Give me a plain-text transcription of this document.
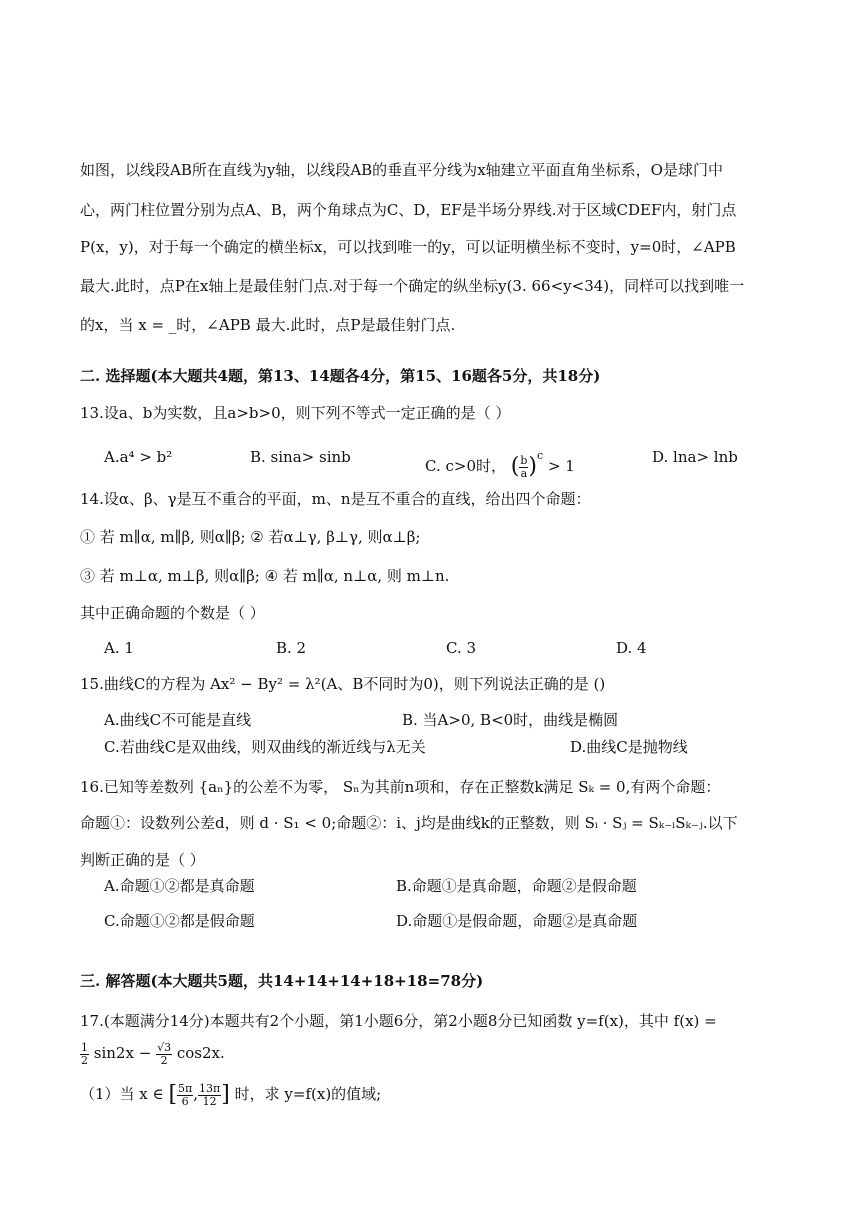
如图，以线段AB所在直线为y轴，以线段AB的垂直平分线为x轴建立平面直角坐标系，O是球门中
心，两门柱位置分别为点A、B，两个角球点为C、D，EF是半场分界线.对于区域CDEF内，射门点
P(x，y)，对于每一个确定的横坐标x，可以找到唯一的y，可以证明横坐标不变时，y=0时，∠APB
最大.此时，点P在x轴上是最佳射门点.对于每一个确定的纵坐标y(3. 66<y<34)，同样可以找到唯一
的x，当 x = _时，∠APB 最大.此时，点P是最佳射门点.
二. 选择题(本大题共4题，第13、14题各4分，第15、16题各5分，共18分)
13.设a、b为实数，且a>b>0，则下列不等式一定正确的是（ ）
A.a⁴ > b²	B. sina> sinb	C. c>0时， ( $\frac{b}{a} )^c > 1$	D. lna> lnb
14.设α、β、γ是互不重合的平面，m、n是互不重合的直线，给出四个命题：
① 若 m∥α, m∥β, 则α∥β; ② 若α⊥γ, β⊥γ, 则α⊥β;
③ 若 m⊥α, m⊥β, 则α∥β; ④ 若 m∥α, n⊥α, 则 m⊥n.
其中正确命题的个数是（ ）
A. 1	B. 2	C. 3	D. 4
15.曲线C的方程为 Ax² − By² = λ²(A、B不同时为0)，则下列说法正确的是 ()
A.曲线C不可能是直线	B. 当A>0, B<0时，曲线是椭圆
C.若曲线C是双曲线，则双曲线的渐近线与λ无关	D.曲线C是抛物线
16.已知等差数列 {aₙ}的公差不为零， Sₙ为其前n项和，存在正整数k满足 Sₖ = 0,有两个命题：
命题①：设数列公差d，则 d · S₁ < 0;命题②：i、j均是曲线k的正整数，则 Sᵢ · Sⱼ = Sₖ₋ᵢSₖ₋ⱼ.以下
判断正确的是（ ）
A.命题①②都是真命题	B.命题①是真命题，命题②是假命题
C.命题①②都是假命题	D.命题①是假命题，命题②是真命题
三. 解答题(本大题共5题，共14+14+14+18+18=78分)
17.(本题满分14分)本题共有2个小题，第1小题6分，第2小题8分已知函数 y=f(x)，其中 f(x) =
$\frac{1}{2} \sin 2x - \frac{√3}{2} \cos 2x$.
（1）当 x ∈ [ $\frac{5\pi}{6}$ , $\frac{13\pi}{12}$ ] 时，求 y=f(x)的值域;
